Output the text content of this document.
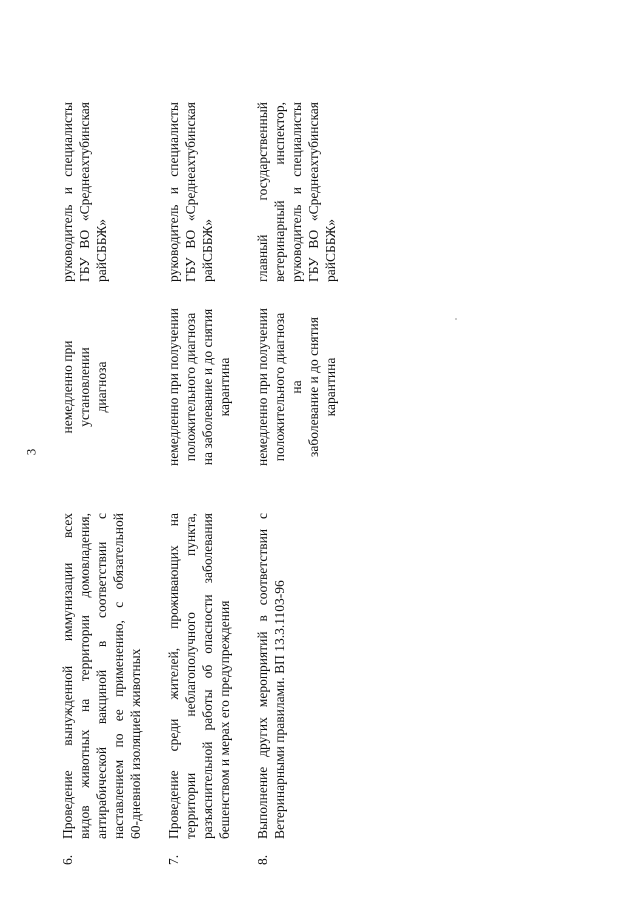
3
6.
Проведение вынужденной иммунизации всех видов животных на территории домовладения, антирабической вакциной в соответствии с наставлением по ее применению, с обязательной 60-дневной изоляцией животных
немедленно при установлении диагноза
руководитель и специалисты ГБУ ВО «Среднеахтубинская райСББЖ»
7.
Проведение среди жителей, проживающих на территории неблагополучного пункта, разъяснительной работы об опасности заболевания бешенством и мерах его предупреждения
немедленно при получении положительного диагноза на заболевание и до снятия карантина
руководитель и специалисты ГБУ ВО «Среднеахтубинская райСББЖ»
8.
Выполнение других мероприятий в соответствии с Ветеринарными правилами. ВП 13.3.1103-96
немедленно при получении положительного диагноза на заболевание и до снятия карантина
главный государственный ветеринарный инспектор, руководитель и специалисты ГБУ ВО «Среднеахтубинская райСББЖ»
